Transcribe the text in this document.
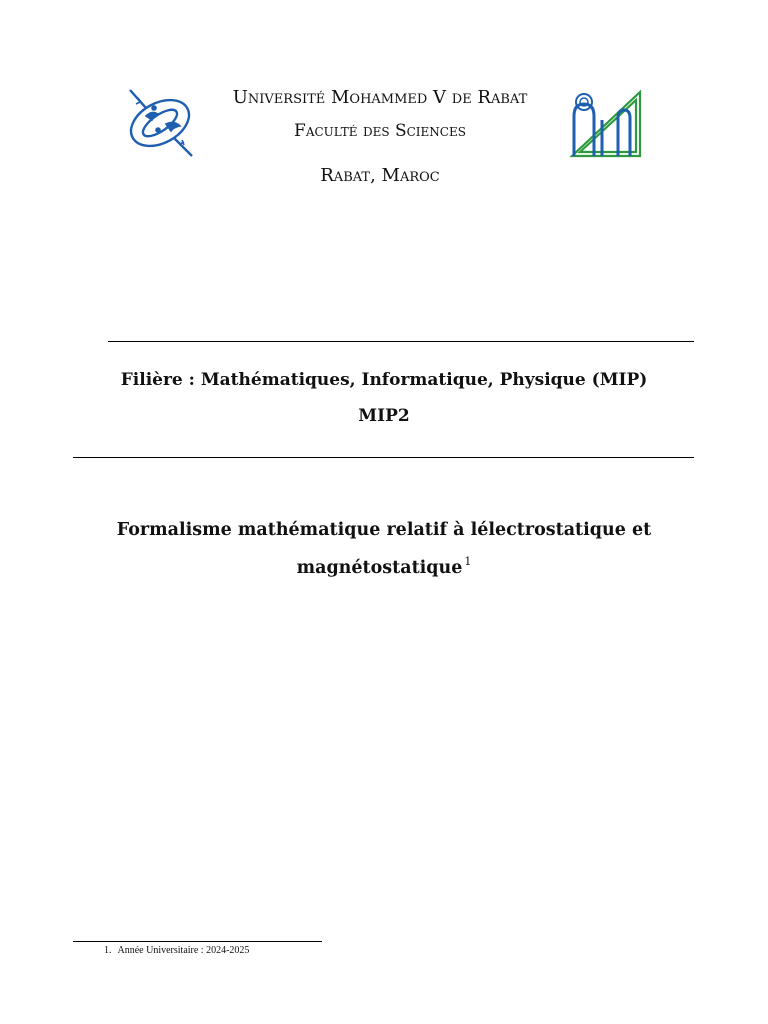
Université Mohammed V de Rabat
Faculté des Sciences
Rabat, Maroc
Filière : Mathématiques, Informatique, Physique (MIP)
MIP2
Formalisme mathématique relatif à lélectrostatique et
magnétostatique $^1$
1. Année Universitaire : 2024-2025
